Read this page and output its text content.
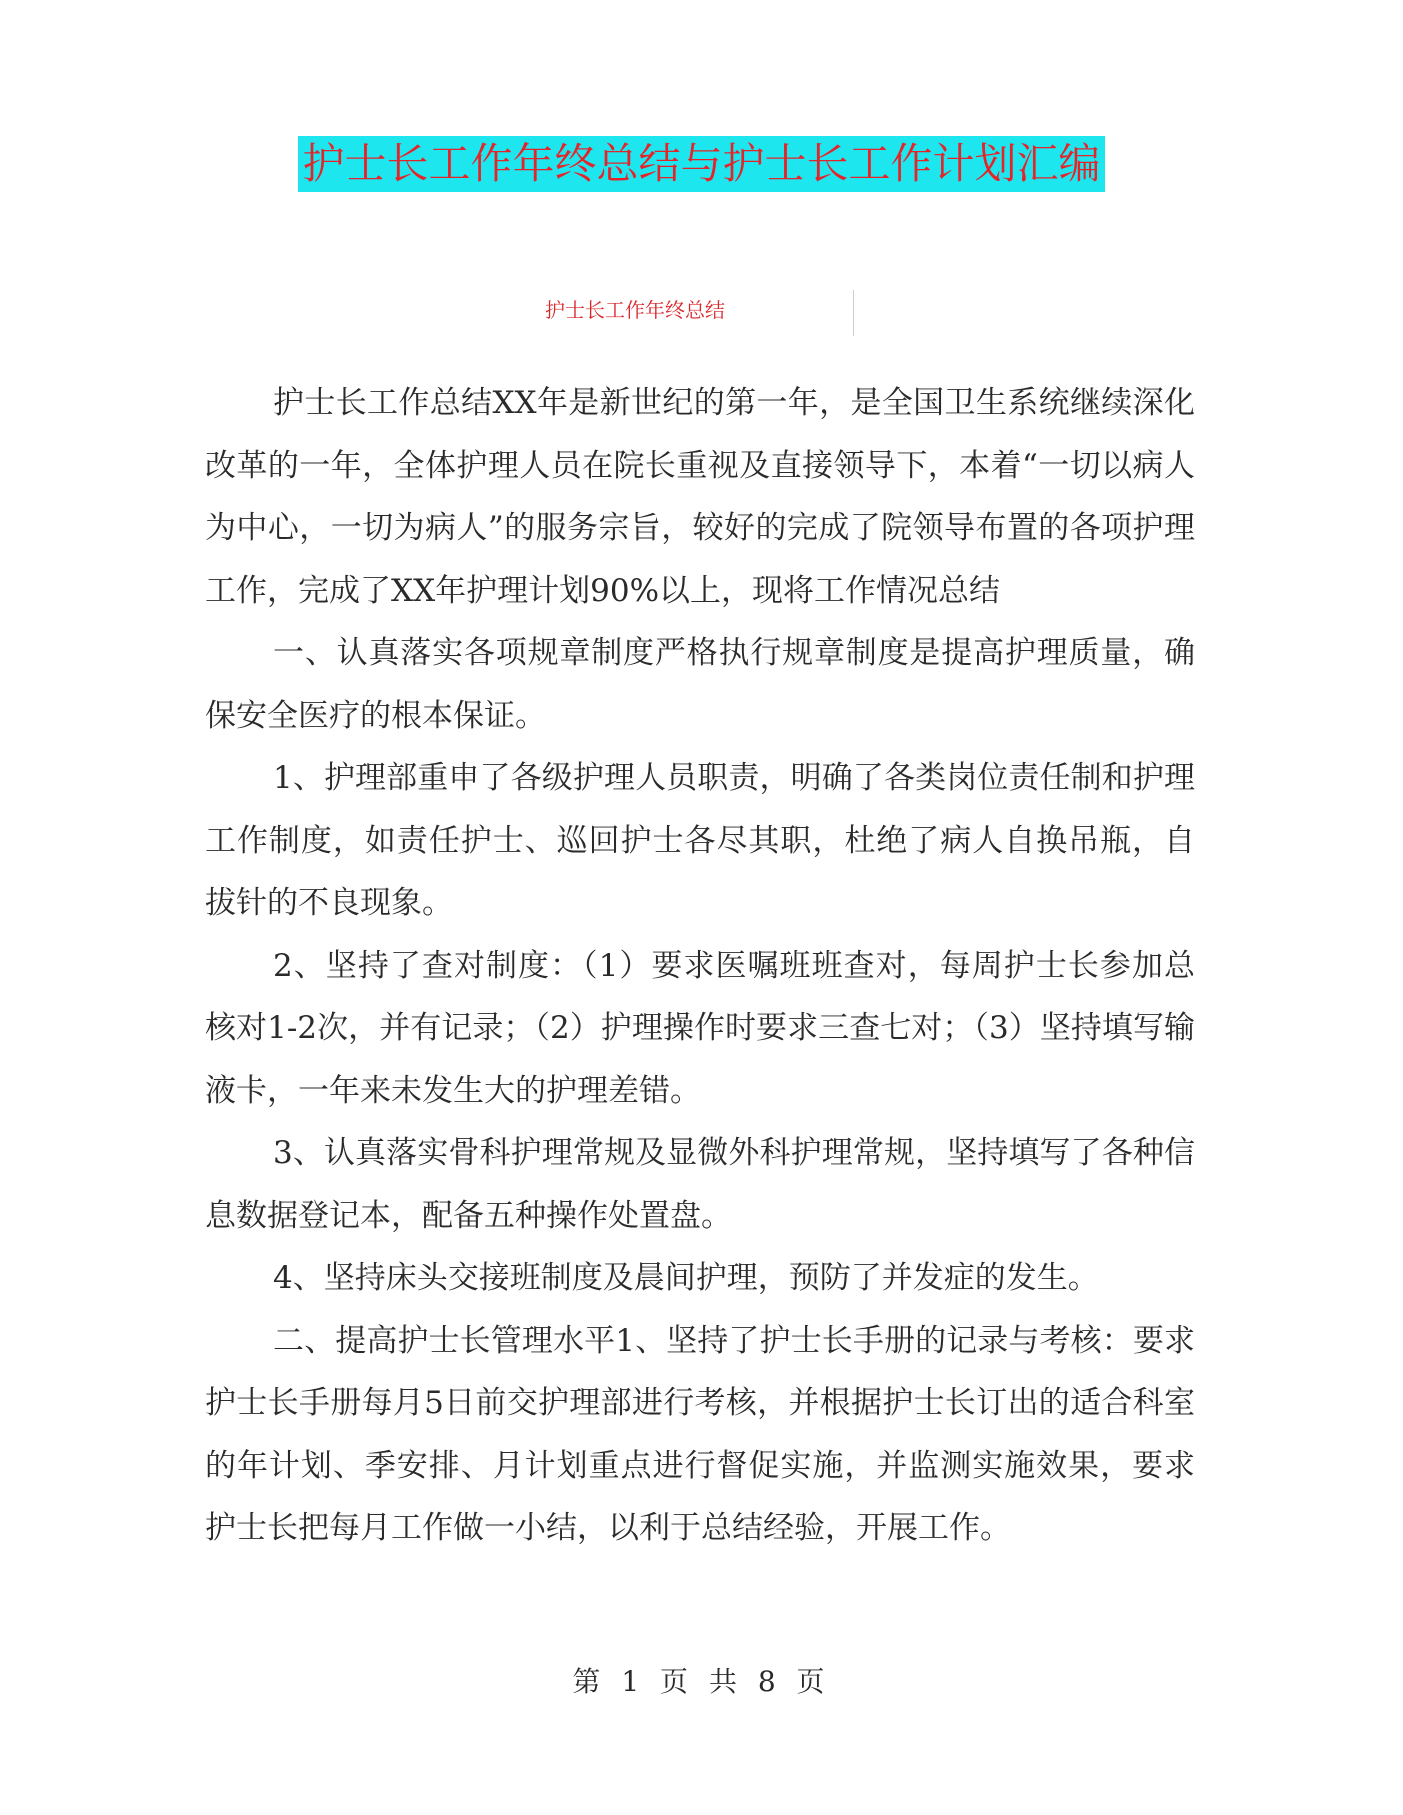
护士长工作年终总结与护士长工作计划汇编
护士长工作年终总结

护士长工作总结XX年是新世纪的第一年，是全国卫生系统继续深化改革的一年，全体护理人员在院长重视及直接领导下，本着“一切以病人为中心，一切为病人”的服务宗旨，较好的完成了院领导布置的各项护理工作，完成了XX年护理计划90%以上，现将工作情况总结

一、认真落实各项规章制度严格执行规章制度是提高护理质量，确保安全医疗的根本保证。

1、护理部重申了各级护理人员职责，明确了各类岗位责任制和护理工作制度，如责任护士、巡回护士各尽其职，杜绝了病人自换吊瓶，自拔针的不良现象。

2、坚持了查对制度：（1）要求医嘱班班查对，每周护士长参加总核对1-2次，并有记录；（2）护理操作时要求三查七对；（3）坚持填写输液卡，一年来未发生大的护理差错。

3、认真落实骨科护理常规及显微外科护理常规，坚持填写了各种信息数据登记本，配备五种操作处置盘。

4、坚持床头交接班制度及晨间护理，预防了并发症的发生。

二、提高护士长管理水平1、坚持了护士长手册的记录与考核：要求护士长手册每月5日前交护理部进行考核，并根据护士长订出的适合科室的年计划、季安排、月计划重点进行督促实施，并监测实施效果，要求护士长把每月工作做一小结，以利于总结经验，开展工作。

第 1 页 共 8 页
